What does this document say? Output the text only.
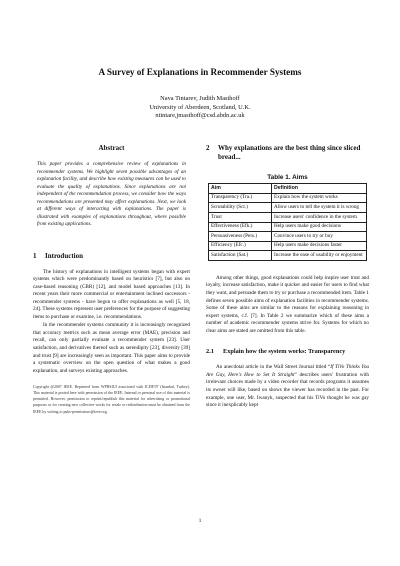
A Survey of Explanations in Recommender Systems
Nava Tintarev, Judith Masthoff
University of Aberdeen, Scotland, U.K.
ntintare,jmasthoff@csd.abdn.ac.uk
Abstract
This paper provides a comprehensive review of explanations in recommender systems. We highlight seven possible advantages of an explanation facility, and describe how existing measures can be used to evaluate the quality of explanations. Since explanations are not independent of the recommendation process, we consider how the ways recommendations are presented may affect explanations. Next, we look at different ways of interacting with explanations. The paper is illustrated with examples of explanations throughout, where possible from existing applications.
1	Introduction
The history of explanations in intelligent systems began with expert systems which were predominantly based on heuristics [7], but also on case-based reasoning (CBR) [12], and model based approaches [13]. In recent years their more commercial or entertainment inclined successors - recommender systems - have begun to offer explanations as well [5, 18, 24]. These systems represent user preferences for the purpose of suggesting items to purchase or examine, i.e. recommendations.
In the recommender systems community it is increasingly recognized that accuracy metrics such as mean average error (MAE), precision and recall, can only partially evaluate a recommender system [23]. User satisfaction, and derivatives thereof such as serendipity [23], diversity [39] and trust [9] are increasingly seen as important. This paper aims to provide a systematic overview on the open question of what makes a good explanation, and surveys existing approaches.
Copyright @2007 IEEE. Reprinted from WPRSIUI associated with ICDE'07 (Istanbul, Turkey). This material is posted here with permission of the IEEE. Internal or personal use of this material is permitted. However, permission to reprint/republish this material for advertising or promotional purposes or for creating new collective works for resale or redistribution must be obtained from the IEEE by writing to pubs-permissions@ieee.org.
2	Why explanations are the best thing since sliced bread...
Table 1. Aims
Aim	Definition
Transparency (Tra.)	Explain how the system works
Scrutability (Scr.)	Allow users to tell the system it is wrong
Trust	Increase users' confidence in the system
Effectiveness (Efk.)	Help users make good decisions
Persuasiveness (Pers.)	Convince users to try or buy
Efficiency (Efc.)	Help users make decisions faster
Satisfaction (Sat.)	Increase the ease of usability or enjoyment
Among other things, good explanations could help inspire user trust and loyalty, increase satisfaction, make it quicker and easier for users to find what they want, and persuade them to try or purchase a recommended item. Table 1 defines seven possible aims of explanation facilities in recommender systems. Some of these aims are similar to the reasons for explaining reasoning in expert systems, c.f. [7]. In Table 2 we summarize which of these aims a number of academic recommender systems strive for. Systems for which no clear aims are stated are omitted from this table.
2.1	Explain how the system works: Transparency
An anecdotal article in the Wall Street Journal titled “If TiVo Thinks You Are Gay, Here's How to Set It Straight” describes users' frustration with irrelevant choices made by a video recorder that records programs it assumes its owner will like, based on shows the viewer has recorded in the past. For example, one user, Mr. Iwanyk, suspected that his TiVo thought he was gay since it inexplicably kept
1
